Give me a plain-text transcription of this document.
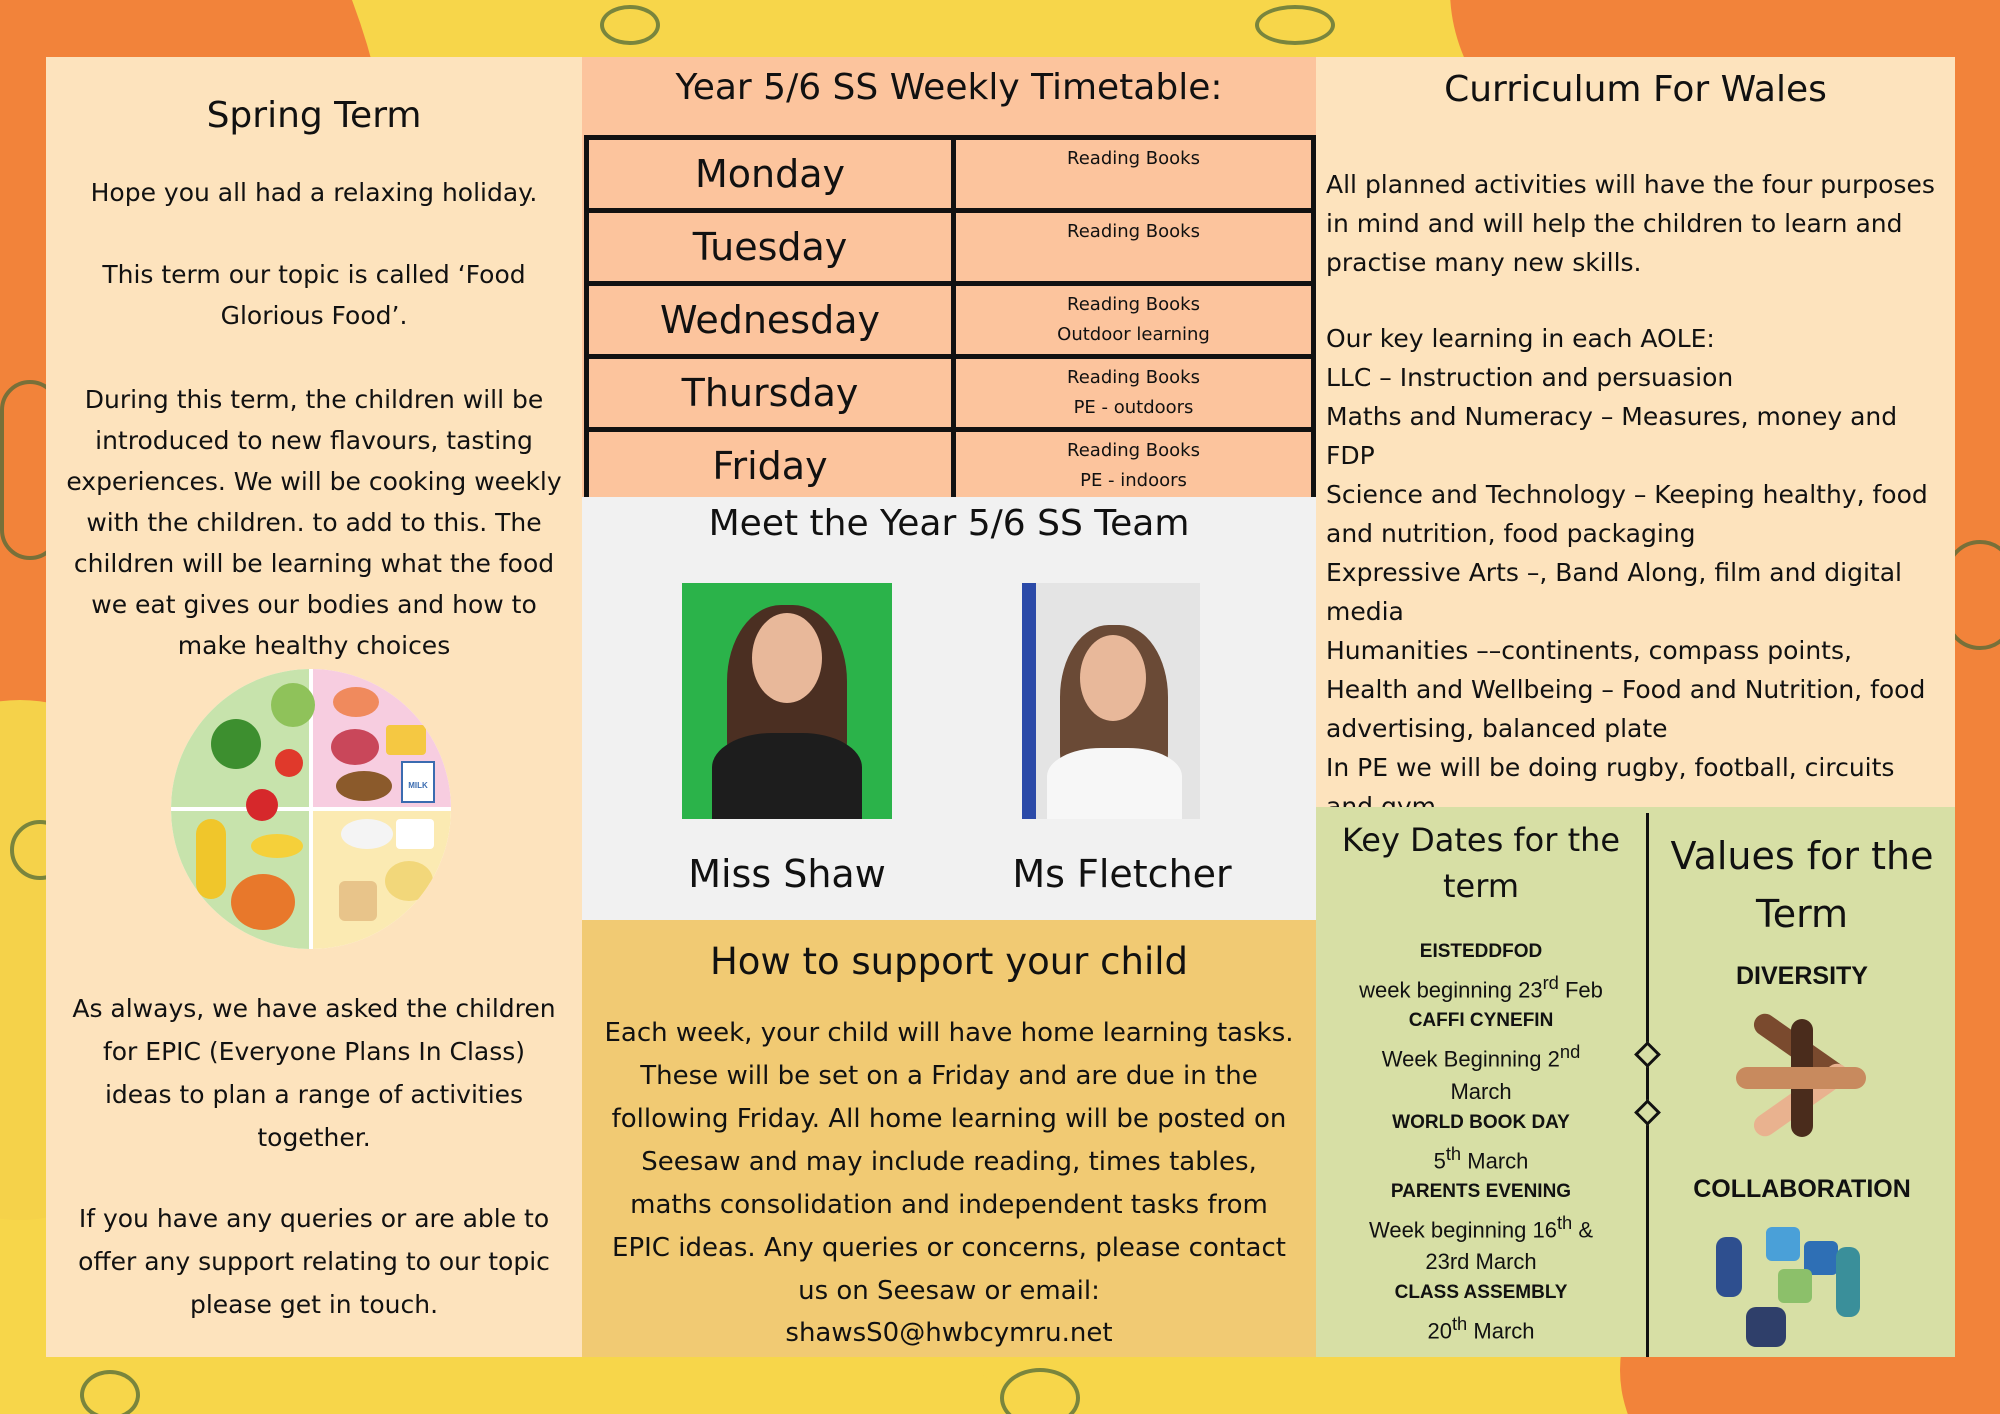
Spring Term
Hope you all had a relaxing holiday.
This term our topic is called ‘Food Glorious Food’.
During this term, the children will be introduced to new flavours, tasting experiences. We will be cooking weekly with the children. to add to this. The children will be learning what the food we eat gives our bodies and how to make healthy choices
MILK
As always, we have asked the children for EPIC (Everyone Plans In Class) ideas to plan a range of activities together.
If you have any queries or are able to offer any support relating to our topic please get in touch.
Year 5/6 SS Weekly Timetable:
Monday	Reading Books

Tuesday	Reading Books

Wednesday	Reading Books
Outdoor learning

Thursday	Reading Books
PE - outdoors

Friday	Reading Books
PE - indoors
Meet the Year 5/6 SS Team
Miss Shaw	Ms Fletcher
How to support your child
Each week, your child will have home learning tasks. These will be set on a Friday and are due in the following Friday. All home learning will be posted on Seesaw and may include reading, times tables, maths consolidation and independent tasks from EPIC ideas. Any queries or concerns, please contact us on Seesaw or email:
shawsS0@hwbcymru.net
Curriculum For Wales
All planned activities will have the four purposes in mind and will help the children to learn and practise many new skills.
Our key learning in each AOLE:
LLC – Instruction and persuasion
Maths and Numeracy – Measures, money and FDP
Science and Technology – Keeping healthy, food and nutrition, food packaging
Expressive Arts –, Band Along, film and digital media
Humanities ––continents, compass points,
Health and Wellbeing – Food and Nutrition, food advertising, balanced plate
In PE we will be doing rugby, football, circuits
Key Dates for the term
EISTEDDFOD
week beginning 23rd Feb
CAFFI CYNEFIN
Week Beginning 2nd
March
WORLD BOOK DAY
5th March
PARENTS EVENING
Week beginning 16th &
23rd March
CLASS ASSEMBLY
20th March
Values for the Term
DIVERSITY
COLLABORATION
